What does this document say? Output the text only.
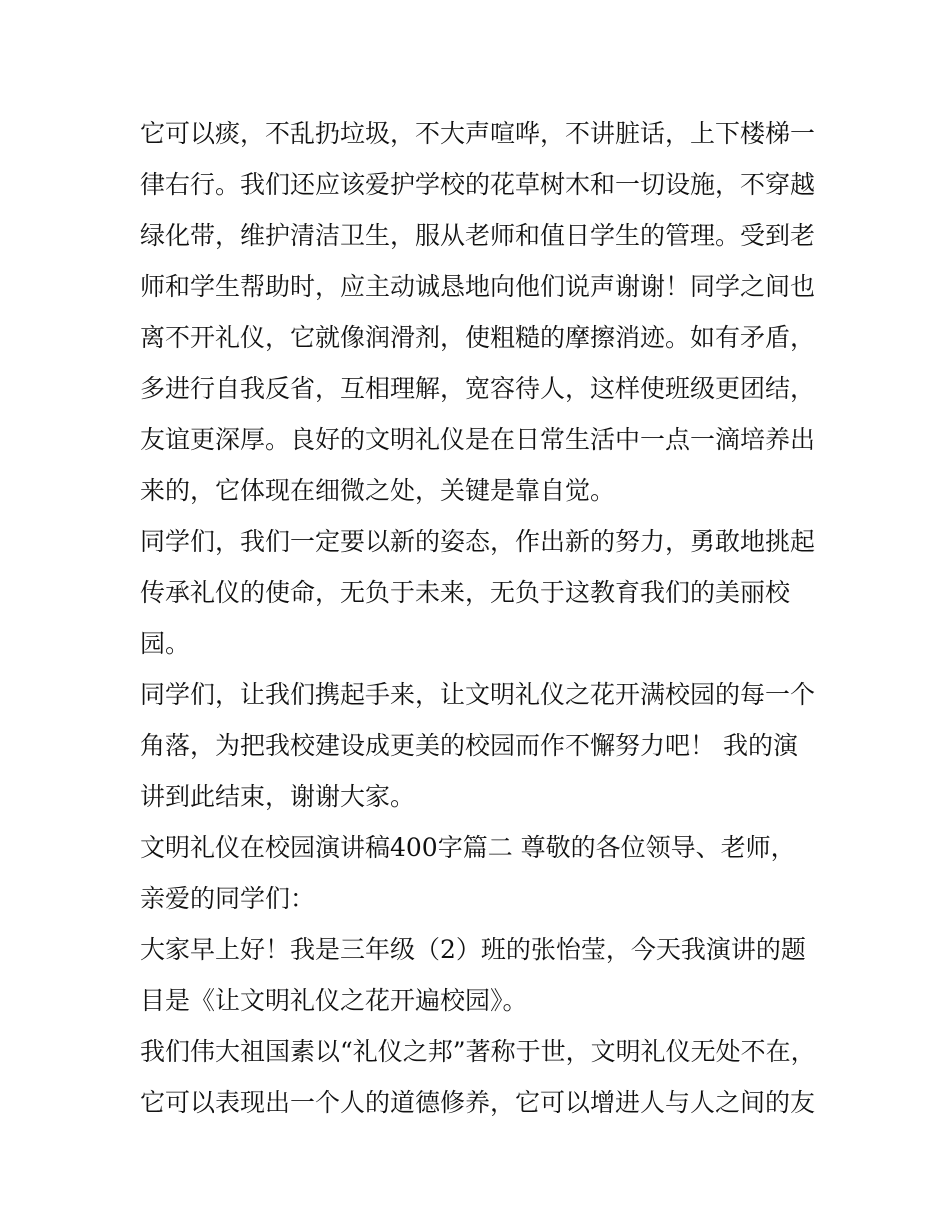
它可以痰，不乱扔垃圾，不大声喧哗，不讲脏话，上下楼梯一律右行。我们还应该爱护学校的花草树木和一切设施，不穿越绿化带，维护清洁卫生，服从老师和值日学生的管理。受到老师和学生帮助时，应主动诚恳地向他们说声谢谢！同学之间也离不开礼仪，它就像润滑剂，使粗糙的摩擦消迹。如有矛盾，多进行自我反省，互相理解，宽容待人，这样使班级更团结，友谊更深厚。良好的文明礼仪是在日常生活中一点一滴培养出来的，它体现在细微之处，关键是靠自觉。

同学们，我们一定要以新的姿态，作出新的努力，勇敢地挑起传承礼仪的使命，无负于未来，无负于这教育我们的美丽校园。

同学们，让我们携起手来，让文明礼仪之花开满校园的每一个角落，为把我校建设成更美的校园而作不懈努力吧！ 我的演讲到此结束，谢谢大家。

文明礼仪在校园演讲稿400字篇二 尊敬的各位领导、老师，亲爱的同学们：

大家早上好！我是三年级（2）班的张怡莹，今天我演讲的题目是《让文明礼仪之花开遍校园》。

我们伟大祖国素以“礼仪之邦”著称于世，文明礼仪无处不在，它可以表现出一个人的道德修养，它可以增进人与人之间的友
